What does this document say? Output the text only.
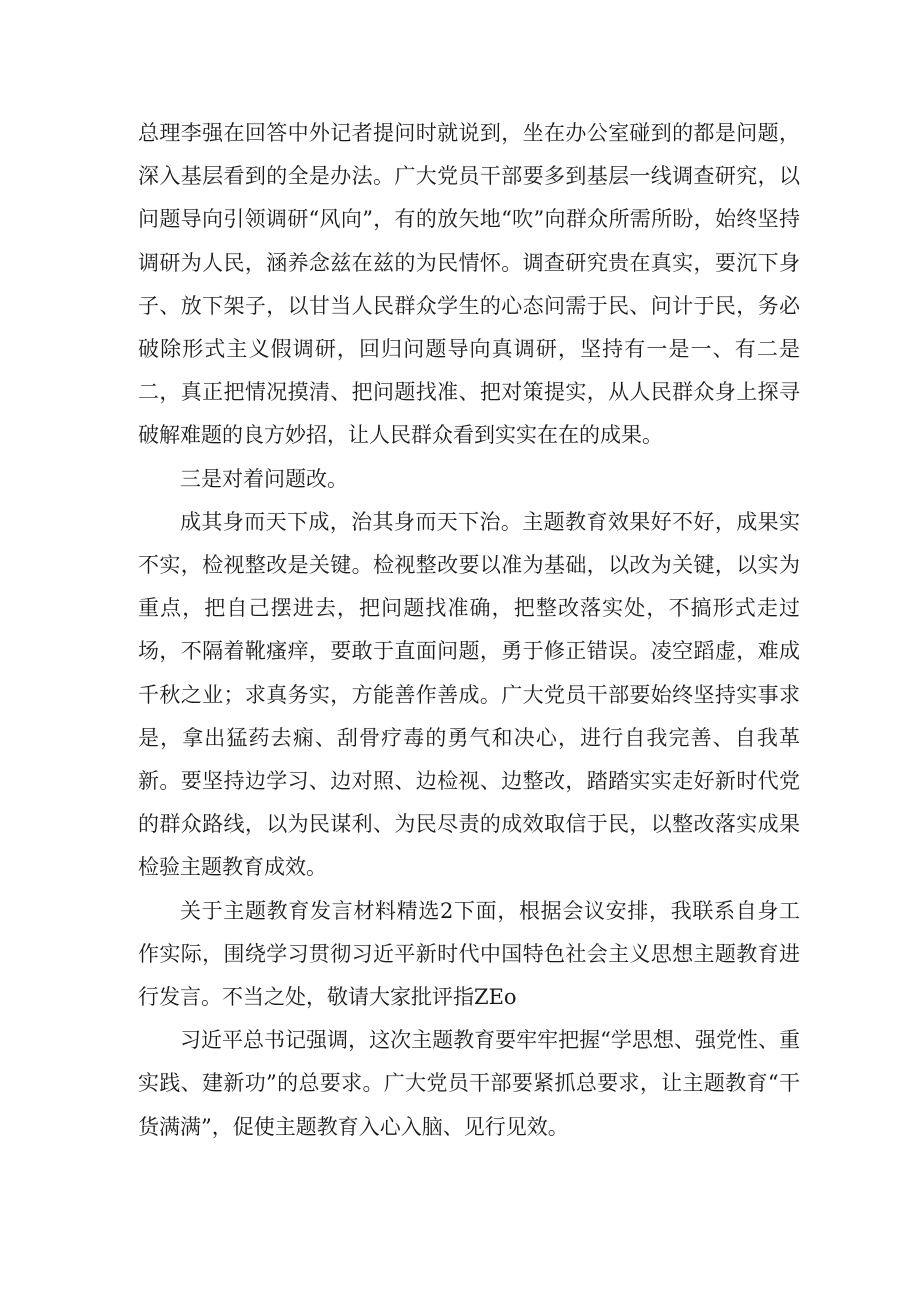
总理李强在回答中外记者提问时就说到，坐在办公室碰到的都是问题，深入基层看到的全是办法。广大党员干部要多到基层一线调查研究，以问题导向引领调研“风向”，有的放矢地“吹”向群众所需所盼，始终坚持调研为人民，涵养念兹在兹的为民情怀。调查研究贵在真实，要沉下身子、放下架子，以甘当人民群众学生的心态问需于民、问计于民，务必破除形式主义假调研，回归问题导向真调研，坚持有一是一、有二是二，真正把情况摸清、把问题找准、把对策提实，从人民群众身上探寻破解难题的良方妙招，让人民群众看到实实在在的成果。

三是对着问题改。

成其身而天下成，治其身而天下治。主题教育效果好不好，成果实不实，检视整改是关键。检视整改要以准为基础，以改为关键，以实为重点，把自己摆进去，把问题找准确，把整改落实处，不搞形式走过场，不隔着靴瘙痒，要敢于直面问题，勇于修正错误。凌空蹈虚，难成千秋之业；求真务实，方能善作善成。广大党员干部要始终坚持实事求是，拿出猛药去痫、刮骨疗毒的勇气和决心，进行自我完善、自我革新。要坚持边学习、边对照、边检视、边整改，踏踏实实走好新时代党的群众路线，以为民谋利、为民尽责的成效取信于民，以整改落实成果检验主题教育成效。

关于主题教育发言材料精选2下面，根据会议安排，我联系自身工作实际，围绕学习贯彻习近平新时代中国特色社会主义思想主题教育进行发言。不当之处，敬请大家批评指ZEo

习近平总书记强调，这次主题教育要牢牢把握“学思想、强党性、重实践、建新功”的总要求。广大党员干部要紧抓总要求，让主题教育“干货满满”，促使主题教育入心入脑、见行见效。
